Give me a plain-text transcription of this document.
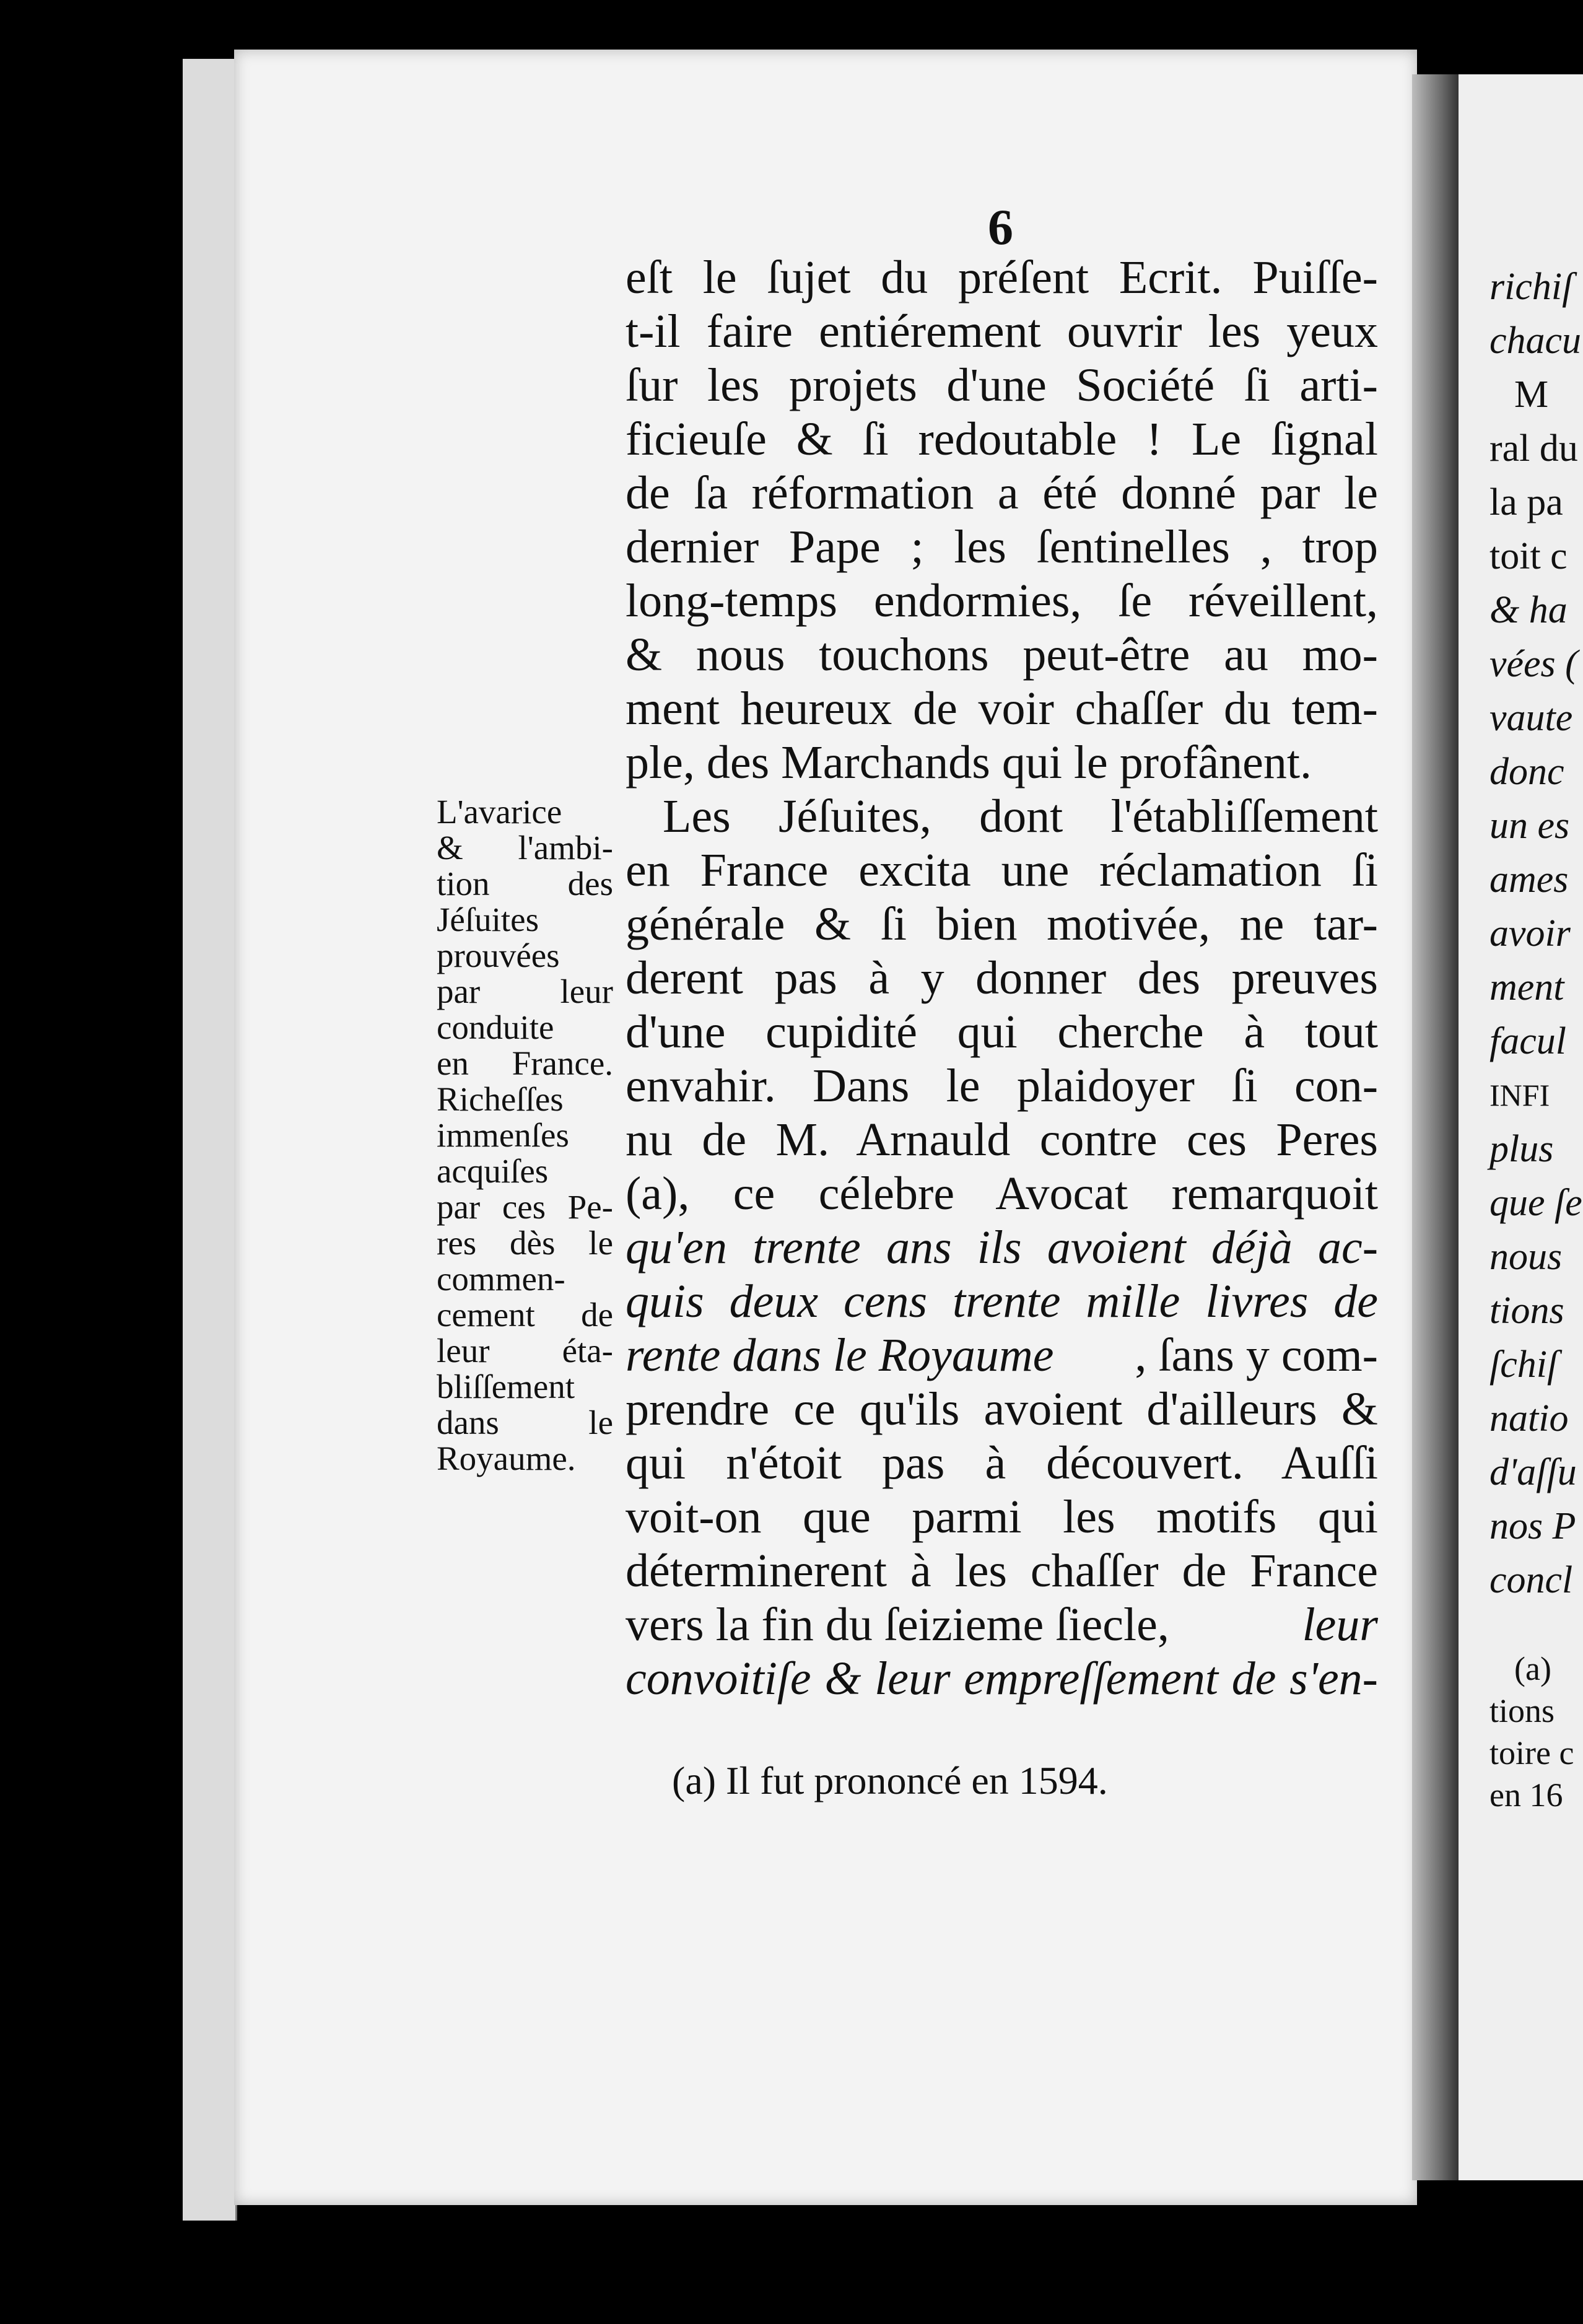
6
eſt le ſujet du préſent Ecrit. Puiſſe-
t-il faire entiérement ouvrir les yeux
ſur les projets d'une Société ſi arti-
ficieuſe & ſi redoutable ! Le ſignal
de ſa réformation a été donné par le
dernier Pape ; les ſentinelles , trop
long-temps endormies, ſe réveillent,
& nous touchons peut-être au mo-
ment heureux de voir chaſſer du tem-
ple, des Marchands qui le profânent.
Les Jéſuites, dont l'établiſſement
en France excita une réclamation ſi
générale & ſi bien motivée, ne tar-
derent pas à y donner des preuves
d'une cupidité qui cherche à tout
envahir. Dans le plaidoyer ſi con-
nu de M. Arnauld contre ces Peres
(a), ce célebre Avocat remarquoit
qu'en trente ans ils avoient déjà ac-
quis deux cens trente mille livres de
rente dans le Royaume , ſans y com-
prendre ce qu'ils avoient d'ailleurs &
qui n'étoit pas à découvert. Auſſi
voit-on que parmi les motifs qui
déterminerent à les chaſſer de France
vers la fin du ſeizieme ſiecle,	leur
convoitiſe & leur empreſſement de s'en-
L'avarice
& l'ambi-
tion des
Jéſuites
prouvées
par leur
conduite
en France.
Richeſſes
immenſes
acquiſes
par ces Pe-
res dès le
commen-
cement de
leur éta-
bliſſement
dans le
Royaume.
(a) Il fut prononcé en 1594.
richiſ
chacu
M
ral du
la pa
toit c
& ha
vées (
vaute
donc
un es
ames
avoir
ment
facul
INFI
plus
que ſe
nous
tions
ſchiſ
natio
d'aſſu
nos P
concl
(a)
tions
toire c
en 16
